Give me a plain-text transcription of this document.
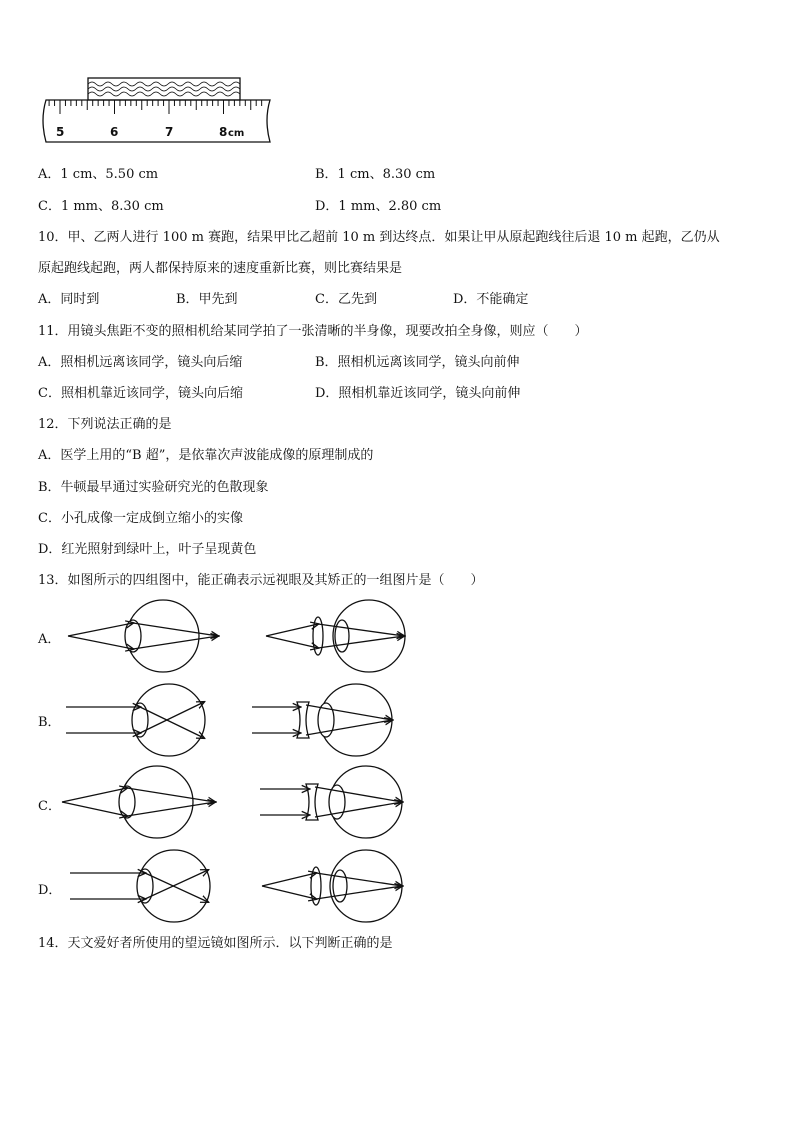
5	6	7	8 cm
A．1 cm、5.50 cm	B．1 cm、8.30 cm
C．1 mm、8.30 cm	D．1 mm、2.80 cm
10．甲、乙两人进行 100 m 赛跑，结果甲比乙超前 10 m 到达终点．如果让甲从原起跑线往后退 10 m 起跑，乙仍从
原起跑线起跑，两人都保持原来的速度重新比赛，则比赛结果是
A．同时到	B．甲先到	C．乙先到	D．不能确定
11．用镜头焦距不变的照相机给某同学拍了一张清晰的半身像，现要改拍全身像，则应（　　）
A．照相机远离该同学，镜头向后缩	B．照相机远离该同学，镜头向前伸
C．照相机靠近该同学，镜头向后缩	D．照相机靠近该同学，镜头向前伸
12．下列说法正确的是
A．医学上用的“B 超”，是依靠次声波能成像的原理制成的
B．牛顿最早通过实验研究光的色散现象
C．小孔成像一定成倒立缩小的实像
D．红光照射到绿叶上，叶子呈现黄色
13．如图所示的四组图中，能正确表示远视眼及其矫正的一组图片是（　　）
A．
B．
C．
D．
14．天文爱好者所使用的望远镜如图所示．以下判断正确的是
